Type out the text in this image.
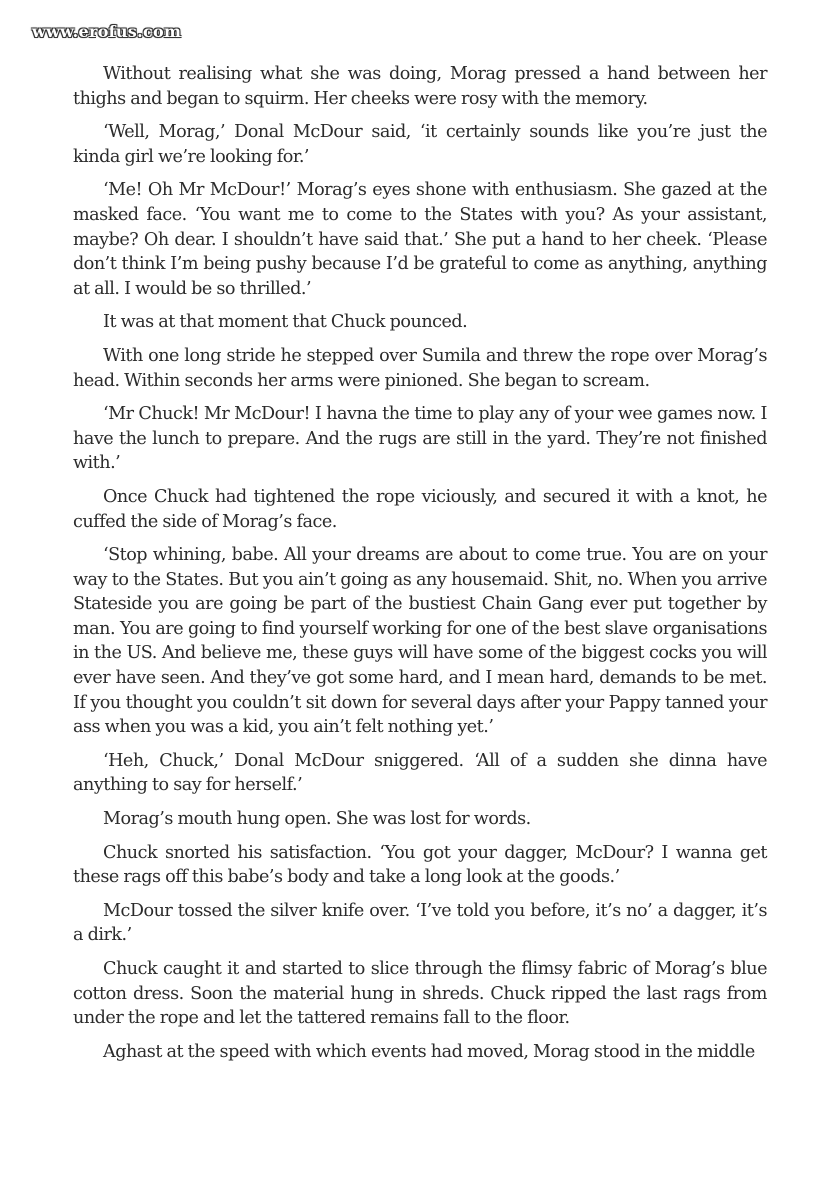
www.erofus.com

Without realising what she was doing, Morag pressed a hand between her thighs and began to squirm. Her cheeks were rosy with the memory.

‘Well, Morag,’ Donal McDour said, ‘it certainly sounds like you’re just the kinda girl we’re looking for.’

‘Me! Oh Mr McDour!’ Morag’s eyes shone with enthusiasm. She gazed at the masked face. ‘You want me to come to the States with you? As your assistant, maybe? Oh dear. I shouldn’t have said that.’ She put a hand to her cheek. ‘Please don’t think I’m being pushy because I’d be grateful to come as anything, anything at all. I would be so thrilled.’

It was at that moment that Chuck pounced.

With one long stride he stepped over Sumila and threw the rope over Morag’s head. Within seconds her arms were pinioned. She began to scream.

‘Mr Chuck! Mr McDour! I havna the time to play any of your wee games now. I have the lunch to prepare. And the rugs are still in the yard. They’re not finished with.’

Once Chuck had tightened the rope viciously, and secured it with a knot, he cuffed the side of Morag’s face.

‘Stop whining, babe. All your dreams are about to come true. You are on your way to the States. But you ain’t going as any housemaid. Shit, no. When you arrive Stateside you are going be part of the bustiest Chain Gang ever put together by man. You are going to find yourself working for one of the best slave organisations in the US. And believe me, these guys will have some of the biggest cocks you will ever have seen. And they’ve got some hard, and I mean hard, demands to be met. If you thought you couldn’t sit down for several days after your Pappy tanned your ass when you was a kid, you ain’t felt nothing yet.’

‘Heh, Chuck,’ Donal McDour sniggered. ‘All of a sudden she dinna have anything to say for herself.’

Morag’s mouth hung open. She was lost for words.

Chuck snorted his satisfaction. ‘You got your dagger, McDour? I wanna get these rags off this babe’s body and take a long look at the goods.’

McDour tossed the silver knife over. ‘I’ve told you before, it’s no’ a dagger, it’s a dirk.’

Chuck caught it and started to slice through the flimsy fabric of Morag’s blue cotton dress. Soon the material hung in shreds. Chuck ripped the last rags from under the rope and let the tattered remains fall to the floor.

Aghast at the speed with which events had moved, Morag stood in the middle
